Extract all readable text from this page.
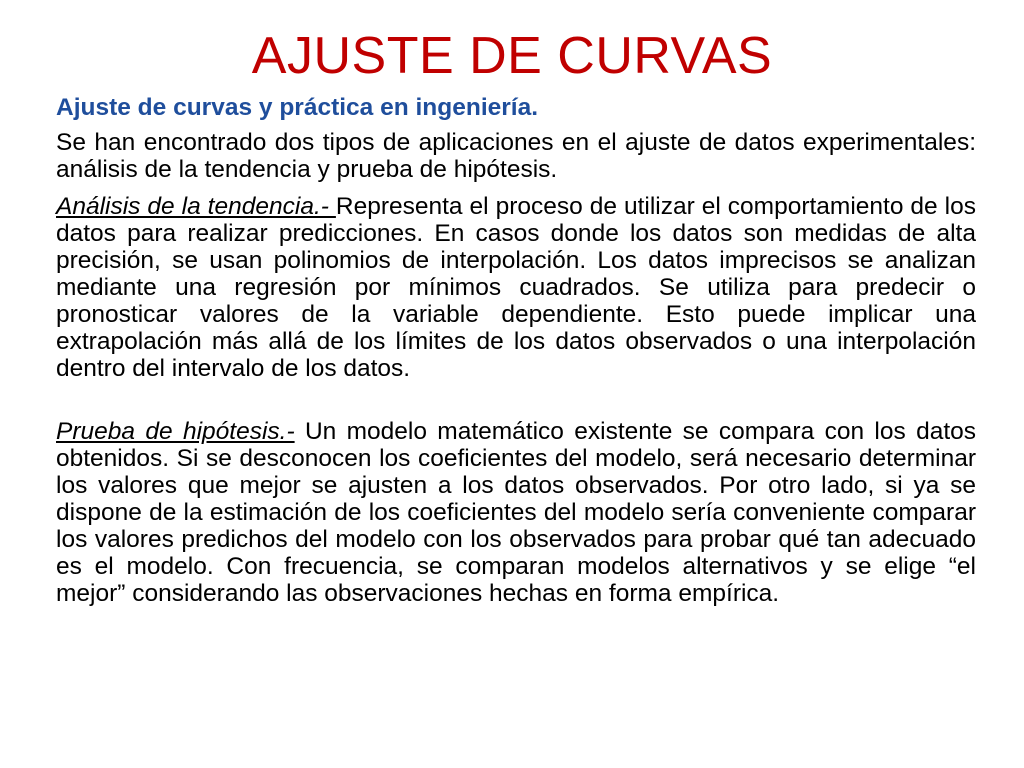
AJUSTE DE CURVAS

Ajuste de curvas y práctica en ingeniería.

Se han encontrado dos tipos de aplicaciones en el ajuste de datos experimentales: análisis de la tendencia y prueba de hipótesis.

Análisis de la tendencia.- Representa el proceso de utilizar el comportamiento de los datos para realizar predicciones. En casos donde los datos son medidas de alta precisión, se usan polinomios de interpolación. Los datos imprecisos se analizan mediante una regresión por mínimos cuadrados. Se utiliza para predecir o pronosticar valores de la variable dependiente. Esto puede implicar una extrapolación más allá de los límites de los datos observados o una interpolación dentro del intervalo de los datos.

Prueba de hipótesis.- Un modelo matemático existente se compara con los datos obtenidos. Si se desconocen los coeficientes del modelo, será necesario determinar los valores que mejor se ajusten a los datos observados. Por otro lado, si ya se dispone de la estimación de los coeficientes del modelo sería conveniente comparar los valores predichos del modelo con los observados para probar qué tan adecuado es el modelo. Con frecuencia, se comparan modelos alternativos y se elige “el mejor” considerando las observaciones hechas en forma empírica.
